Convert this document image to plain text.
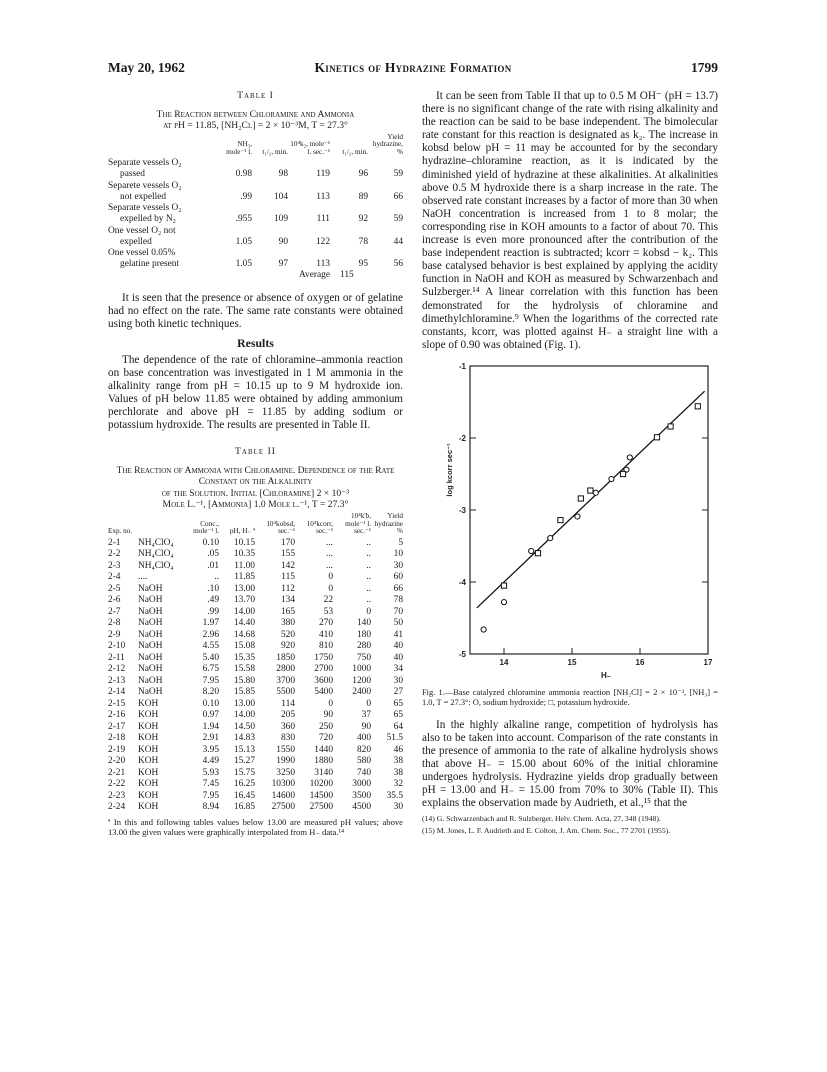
May 20, 1962	Kinetics of Hydrazine Formation	1799
Table I
The Reaction between Chloramine and Ammonia
at pH = 11.85, [NH₂Cl] = 2 × 10⁻³M, T = 27.3°
	NH₃, mole⁻¹ l.	t₁/₂, min.	10⁴k₂, mole⁻¹ l. sec.⁻¹	t₁/₂, min.	Yield hydrazine, %
Separate vessels O₂					
passed	0.98	98	119	96	59
Separete vessels O₂					
not expelled	.99	104	113	89	66
Separate vessels O₂					
expelled by N₂	.955	109	111	92	59
One vessel O₂ not					
expelled	1.05	90	122	78	44
One vessel 0.05%					
gelatine present	1.05	97	113	95	56
		Average		115	

It is seen that the presence or absence of oxygen or of gelatine had no effect on the rate. The same rate constants were obtained using both kinetic techniques.

Results

The dependence of the rate of chloramine–ammonia reaction on base concentration was investigated in 1 M ammonia in the alkalinity range from pH = 10.15 up to 9 M hydroxide ion. Values of pH below 11.85 were obtained by adding ammonium perchlorate and above pH = 11.85 by adding sodium or potassium hydroxide. The results are presented in Table II.

Table II
The Reaction of Ammonia with Chloramine. Dependence of the Rate Constant on the Alkalinity
of the Solution. Initial [Chloramine] 2 × 10⁻³
Mole L.⁻¹, [Ammonia] 1.0 Mole l.⁻¹, T = 27.3°
Exp. no.		Conc., mole⁻¹ l.	pH, H₋ ª	10⁴kobsd, sec.⁻¹	10⁴kcorr, sec.⁻¹	10⁴k'b, mole⁻¹ l. sec.⁻¹	Yield hydrazine %
2-1	NH₄ClO₄	0.10	10.15	170	...	..	5
2-2	NH₄ClO₄	.05	10.35	155	...	..	10
2-3	NH₄ClO₄	.01	11.00	142	...	..	30
2-4	....	..	11.85	115	0	..	60
2-5	NaOH	.10	13.00	112	0	..	66
2-6	NaOH	.49	13.70	134	22	..	78
2-7	NaOH	.99	14.00	165	53	0	70
2-8	NaOH	1.97	14.40	380	270	140	50
2-9	NaOH	2.96	14.68	520	410	180	41
2-10	NaOH	4.55	15.08	920	810	280	40
2-11	NaOH	5.40	15.35	1850	1750	750	40
2-12	NaOH	6.75	15.58	2800	2700	1000	34
2-13	NaOH	7.95	15.80	3700	3600	1200	30
2-14	NaOH	8.20	15.85	5500	5400	2400	27
2-15	KOH	0.10	13.00	114	0	0	65
2-16	KOH	0.97	14.00	205	90	37	65
2-17	KOH	1.94	14.50	360	250	90	64
2-18	KOH	2.91	14.83	830	720	400	51.5
2-19	KOH	3.95	15.13	1550	1440	820	46
2-20	KOH	4.49	15.27	1990	1880	580	38
2-21	KOH	5.93	15.75	3250	3140	740	38
2-22	KOH	7.45	16.25	10300	10200	3000	32
2-23	KOH	7.95	16.45	14600	14500	3500	35.5
2-24	KOH	8.94	16.85	27500	27500	4500	30
ª In this and following tables values below 13.00 are measured pH values; above 13.00 the given values were graphically interpolated from H₋ data.¹⁴

It can be seen from Table II that up to 0.5 M OH⁻ (pH = 13.7) there is no significant change of the rate with rising alkalinity and the reaction can be said to be base independent. The bimolecular rate constant for this reaction is designated as k₂. The increase in kobsd below pH = 11 may be accounted for by the secondary hydrazine–chloramine reaction, as it is indicated by the diminished yield of hydrazine at these alkalinities. At alkalinities above 0.5 M hydroxide there is a sharp increase in the rate. The observed rate constant increases by a factor of more than 30 when NaOH concentration is increased from 1 to 8 molar; the corresponding rise in KOH amounts to a factor of about 70. This increase is even more pronounced after the contribution of the base independent reaction is subtracted; kcorr = kobsd − k₂. This base catalysed behavior is best explained by applying the acidity function in NaOH and KOH as measured by Schwarzenbach and Sulzberger.¹⁴ A linear correlation with this function has been demonstrated for the hydrolysis of chloramine and dimethylchloramine.⁹ When the logarithms of the corrected rate constants, kcorr, was plotted against H₋ a straight line with a slope of 0.90 was obtained (Fig. 1).

14	15	16	17
-1
-2
-3
-4
-5
H₋
log kcorr sec⁻¹

Fig. 1.—Base catalyzed chloramine ammonia reaction [NH₂Cl] = 2 × 10⁻³, [NH₃] = 1.0, T = 27.3°: O, sodium hydroxide; □, potassium hydroxide.

In the highly alkaline range, competition of hydrolysis has also to be taken into account. Comparison of the rate constants in the presence of ammonia to the rate of alkaline hydrolysis shows that above H₋ = 15.00 about 60% of the initial chloramine undergoes hydrolysis. Hydrazine yields drop gradually between pH = 13.00 and H₋ = 15.00 from 70% to 30% (Table II). This explains the observation made by Audrieth, et al.,¹⁵ that the

(14) G. Schwarzenbach and R. Sulzberger, Helv. Chem. Acta, 27, 348 (1948).

(15) M. Jones, L. F. Audrieth and E. Colton, J. Am. Chem. Soc., 77 2701 (1955).
